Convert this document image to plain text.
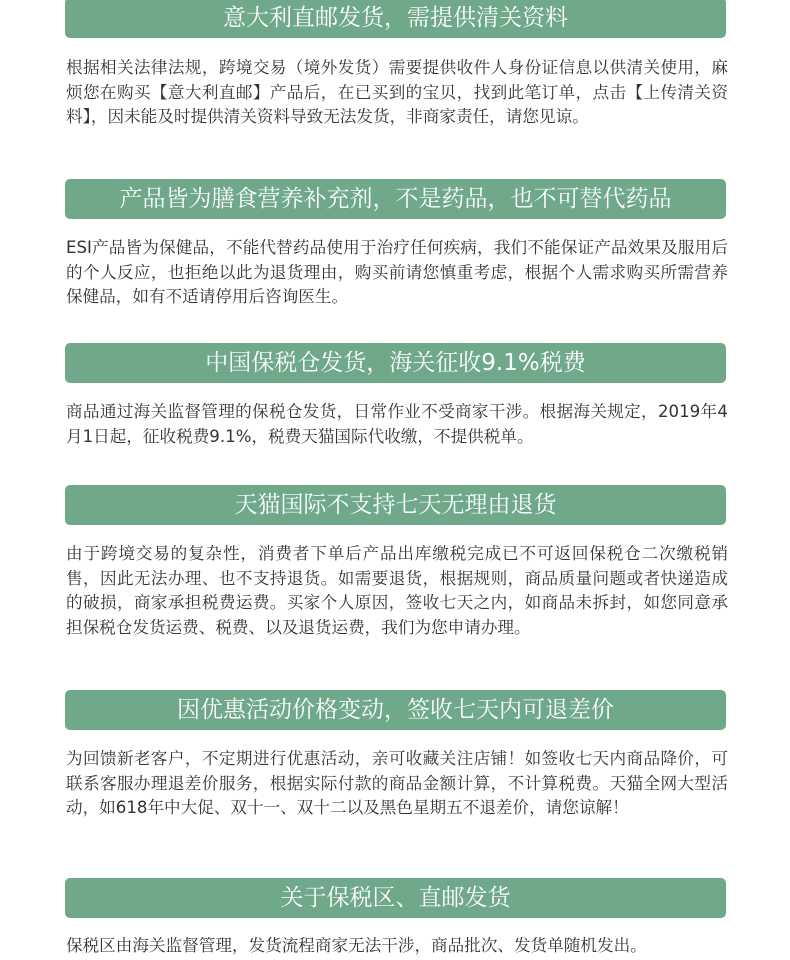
意大利直邮发货，需提供清关资料
根据相关法律法规，跨境交易（境外发货）需要提供收件人身份证信息以供清关使用，麻烦您在购买【意大利直邮】产品后，在已买到的宝贝，找到此笔订单，点击【上传清关资料】，因未能及时提供清关资料导致无法发货，非商家责任，请您见谅。
产品皆为膳食营养补充剂，不是药品，也不可替代药品
ESI产品皆为保健品，不能代替药品使用于治疗任何疾病，我们不能保证产品效果及服用后的个人反应，也拒绝以此为退货理由，购买前请您慎重考虑，根据个人需求购买所需营养保健品，如有不适请停用后咨询医生。
中国保税仓发货，海关征收9.1%税费
商品通过海关监督管理的保税仓发货，日常作业不受商家干涉。根据海关规定，2019年4月1日起，征收税费9.1%，税费天猫国际代收缴，不提供税单。
天猫国际不支持七天无理由退货
由于跨境交易的复杂性，消费者下单后产品出库缴税完成已不可返回保税仓二次缴税销售，因此无法办理、也不支持退货。如需要退货，根据规则，商品质量问题或者快递造成的破损，商家承担税费运费。买家个人原因，签收七天之内，如商品未拆封，如您同意承担保税仓发货运费、税费、以及退货运费，我们为您申请办理。
因优惠活动价格变动，签收七天内可退差价
为回馈新老客户，不定期进行优惠活动，亲可收藏关注店铺！如签收七天内商品降价，可联系客服办理退差价服务，根据实际付款的商品金额计算，不计算税费。天猫全网大型活动，如618年中大促、双十一、双十二以及黑色星期五不退差价，请您谅解！
关于保税区、直邮发货
保税区由海关监督管理，发货流程商家无法干涉，商品批次、发货单随机发出。
